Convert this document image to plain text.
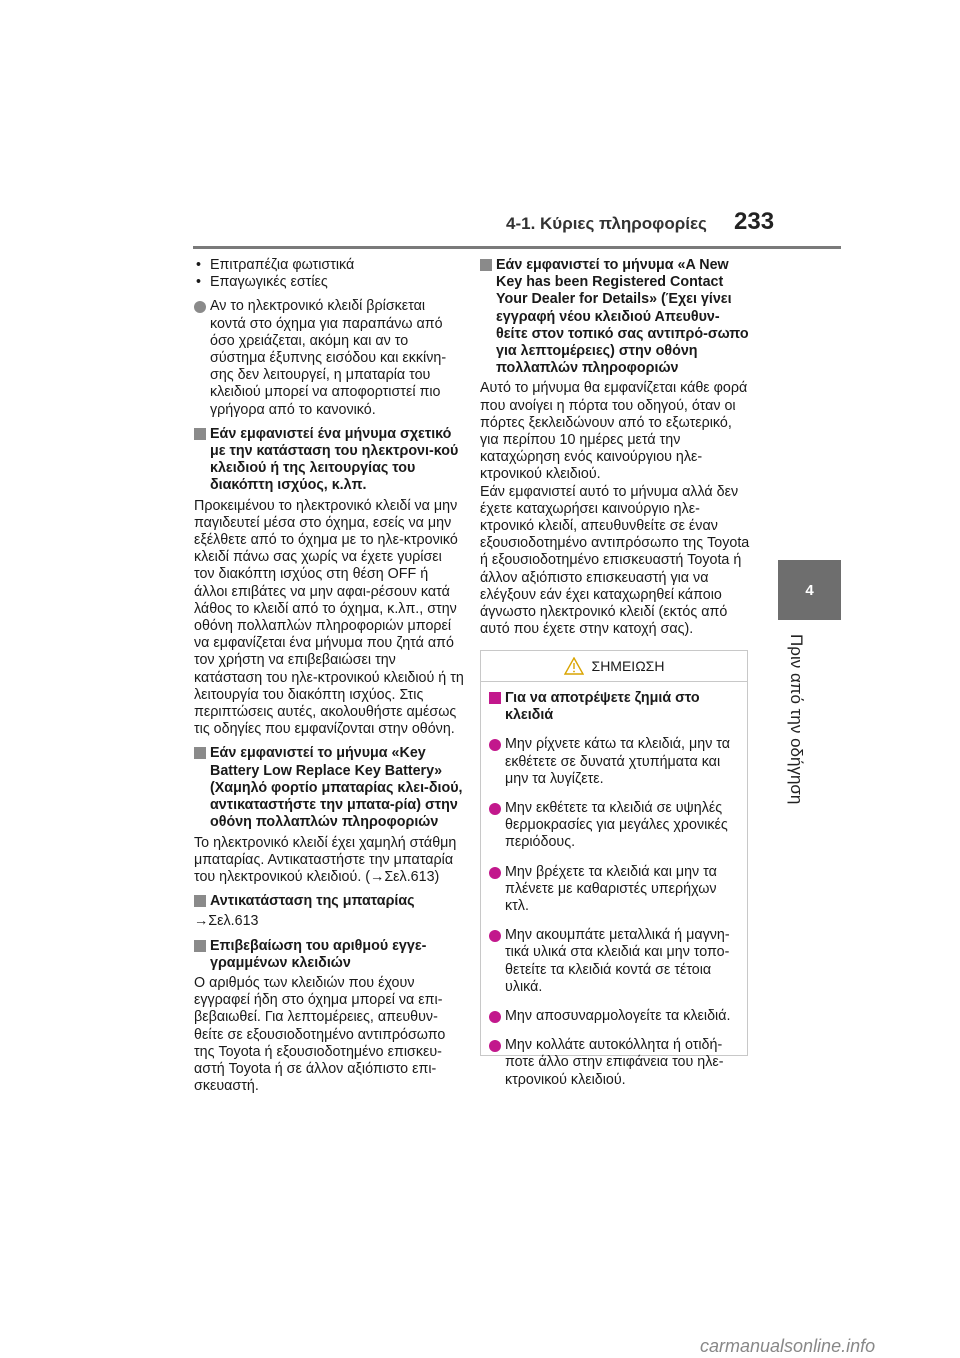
4-1. Κύριες πληροφορίες 233
4
Πριν από την οδήγηση

• Επιτραπέζια φωτιστικά

• Επαγωγικές εστίες

Αν το ηλεκτρονικό κλειδί βρίσκεται κοντά στο όχημα για παραπάνω από όσο χρειάζεται, ακόμη και αν το σύστημα έξυπνης εισόδου και εκκίνη-σης δεν λειτουργεί, η μπαταρία του κλειδιού μπορεί να αποφορτιστεί πιο γρήγορα από το κανονικό.
Εάν εμφανιστεί ένα μήνυμα σχετικό με την κατάσταση του ηλεκτρονι-κού κλειδιού ή της λειτουργίας του διακόπτη ισχύος, κ.λπ.

Προκειμένου το ηλεκτρονικό κλειδί να μην παγιδευτεί μέσα στο όχημα, εσείς να μην εξέλθετε από το όχημα με το ηλε-κτρονικό κλειδί πάνω σας χωρίς να έχετε γυρίσει τον διακόπτη ισχύος στη θέση OFF ή άλλοι επιβάτες να μην αφαι-ρέσουν κατά λάθος το κλειδί από το όχημα, κ.λπ., στην οθόνη πολλαπλών πληροφοριών μπορεί να εμφανίζεται ένα μήνυμα που ζητά από τον χρήστη να επιβεβαιώσει την κατάσταση του ηλε-κτρονικού κλειδιού ή τη λειτουργία του διακόπτη ισχύος. Στις περιπτώσεις αυτές, ακολουθήστε αμέσως τις οδηγίες που εμφανίζονται στην οθόνη.

Εάν εμφανιστεί το μήνυμα «Key Battery Low Replace Key Battery» (Χαμηλό φορτίο μπαταρίας κλει-διού, αντικαταστήστε την μπατα-ρία) στην οθόνη πολλαπλών πληροφοριών

Το ηλεκτρονικό κλειδί έχει χαμηλή στάθμη μπαταρίας. Αντικαταστήστε την μπαταρία του ηλεκτρονικού κλειδιού. (→Σελ.613)

Αντικατάσταση της μπαταρίας

→Σελ.613

Επιβεβαίωση του αριθμού εγγε-γραμμένων κλειδιών

Ο αριθμός των κλειδιών που έχουν εγγραφεί ήδη στο όχημα μπορεί να επι-βεβαιωθεί. Για λεπτομέρειες, απευθυν-θείτε σε εξουσιοδοτημένο αντιπρόσωπο της Toyota ή εξουσιοδοτημένο επισκευ-αστή Toyota ή σε άλλον αξιόπιστο επι-σκευαστή.

Εάν εμφανιστεί το μήνυμα «A New Key has been Registered Contact Your Dealer for Details» (Έχει γίνει εγγραφή νέου κλειδιού Απευθυν-θείτε στον τοπικό σας αντιπρό-σωπο για λεπτομέρειες) στην οθόνη πολλαπλών πληροφοριών

Αυτό το μήνυμα θα εμφανίζεται κάθε φορά που ανοίγει η πόρτα του οδηγού, όταν οι πόρτες ξεκλειδώνουν από το εξωτερικό, για περίπου 10 ημέρες μετά την καταχώρηση ενός καινούργιου ηλε-κτρονικού κλειδιού.

Εάν εμφανιστεί αυτό το μήνυμα αλλά δεν έχετε καταχωρήσει καινούργιο ηλε-κτρονικό κλειδί, απευθυνθείτε σε έναν εξουσιοδοτημένο αντιπρόσωπο της Toyota ή εξουσιοδοτημένο επισκευαστή Toyota ή άλλον αξιόπιστο επισκευαστή για να ελέγξουν εάν έχει καταχωρηθεί κάποιο άγνωστο ηλεκτρονικό κλειδί (εκτός από αυτό που έχετε στην κατοχή σας).

ΣΗΜΕΙΩΣΗ
Για να αποτρέψετε ζημιά στο κλειδιά
Μην ρίχνετε κάτω τα κλειδιά, μην τα εκθέτετε σε δυνατά χτυπήματα και μην τα λυγίζετε.
Μην εκθέτετε τα κλειδιά σε υψηλές θερμοκρασίες για μεγάλες χρονικές περιόδους.
Μην βρέχετε τα κλειδιά και μην τα πλένετε με καθαριστές υπερήχων κτλ.
Μην ακουμπάτε μεταλλικά ή μαγνη-τικά υλικά στα κλειδιά και μην τοπο-θετείτε τα κλειδιά κοντά σε τέτοια υλικά.
Μην αποσυναρμολογείτε τα κλειδιά.
Μην κολλάτε αυτοκόλλητα ή οτιδή-ποτε άλλο στην επιφάνεια του ηλε-κτρονικού κλειδιού.
carmanualsonline.info
